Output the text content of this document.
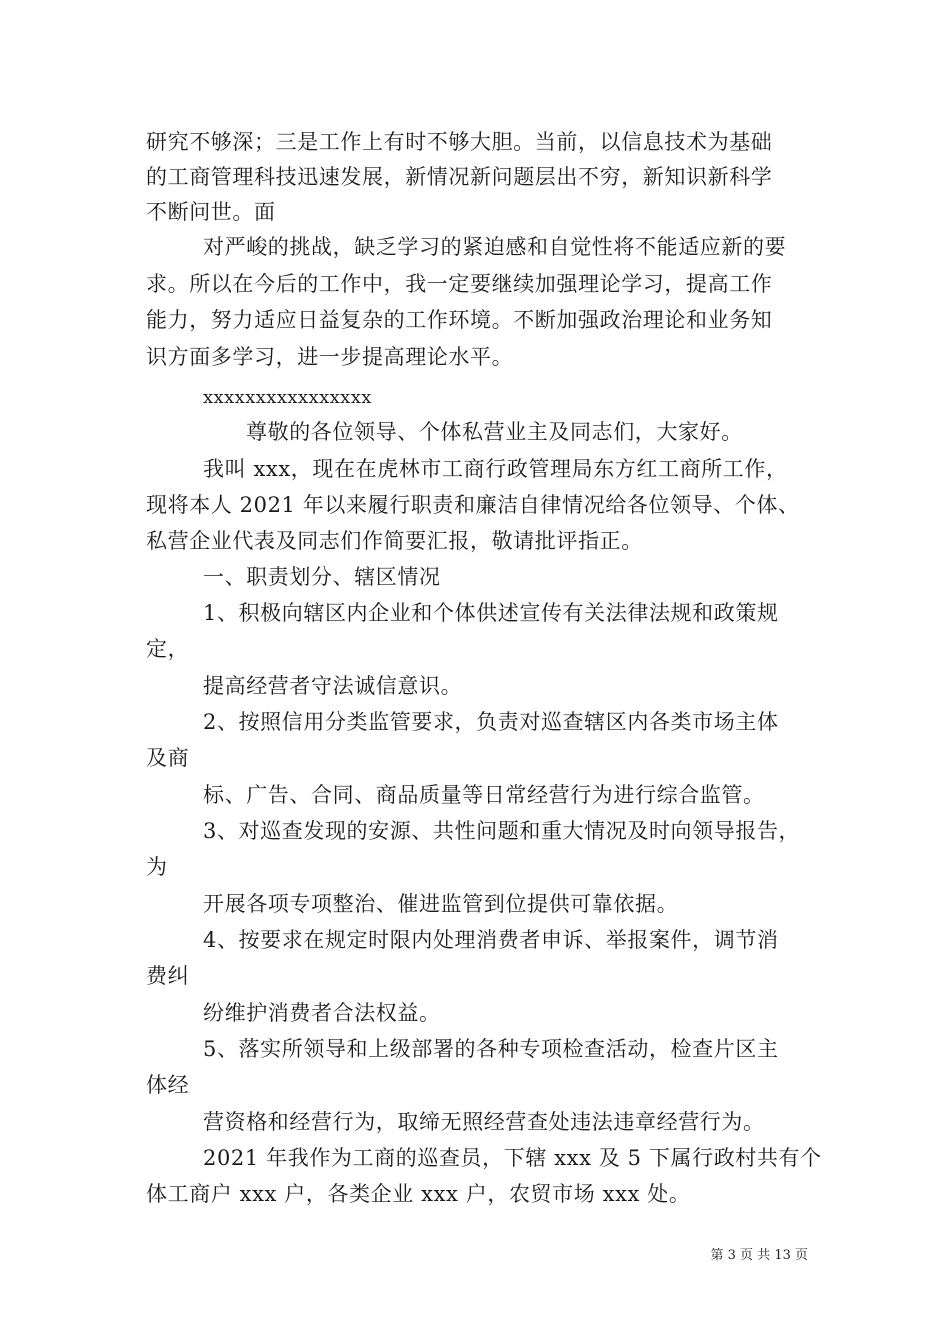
研究不够深；三是工作上有时不够大胆。当前，以信息技术为基础
的工商管理科技迅速发展，新情况新问题层出不穷，新知识新科学
不断问世。面
对严峻的挑战，缺乏学习的紧迫感和自觉性将不能适应新的要
求。所以在今后的工作中，我一定要继续加强理论学习，提高工作
能力，努力适应日益复杂的工作环境。不断加强政治理论和业务知
识方面多学习，进一步提高理论水平。
xxxxxxxxxxxxxxxx
尊敬的各位领导、个体私营业主及同志们，大家好。
我叫 xxx，现在在虎林市工商行政管理局东方红工商所工作，
现将本人 2021 年以来履行职责和廉洁自律情况给各位领导、个体、
私营企业代表及同志们作简要汇报，敬请批评指正。
一、职责划分、辖区情况
1、积极向辖区内企业和个体供述宣传有关法律法规和政策规
定，
提高经营者守法诚信意识。
2、按照信用分类监管要求，负责对巡查辖区内各类市场主体
及商
标、广告、合同、商品质量等日常经营行为进行综合监管。
3、对巡查发现的安源、共性问题和重大情况及时向领导报告，
为
开展各项专项整治、催进监管到位提供可靠依据。
4、按要求在规定时限内处理消费者申诉、举报案件，调节消
费纠
纷维护消费者合法权益。
5、落实所领导和上级部署的各种专项检查活动，检查片区主
体经
营资格和经营行为，取缔无照经营查处违法违章经营行为。
2021 年我作为工商的巡查员，下辖 xxx 及 5 下属行政村共有个
体工商户 xxx 户，各类企业 xxx 户，农贸市场 xxx 处。
第 3 页 共 13 页
